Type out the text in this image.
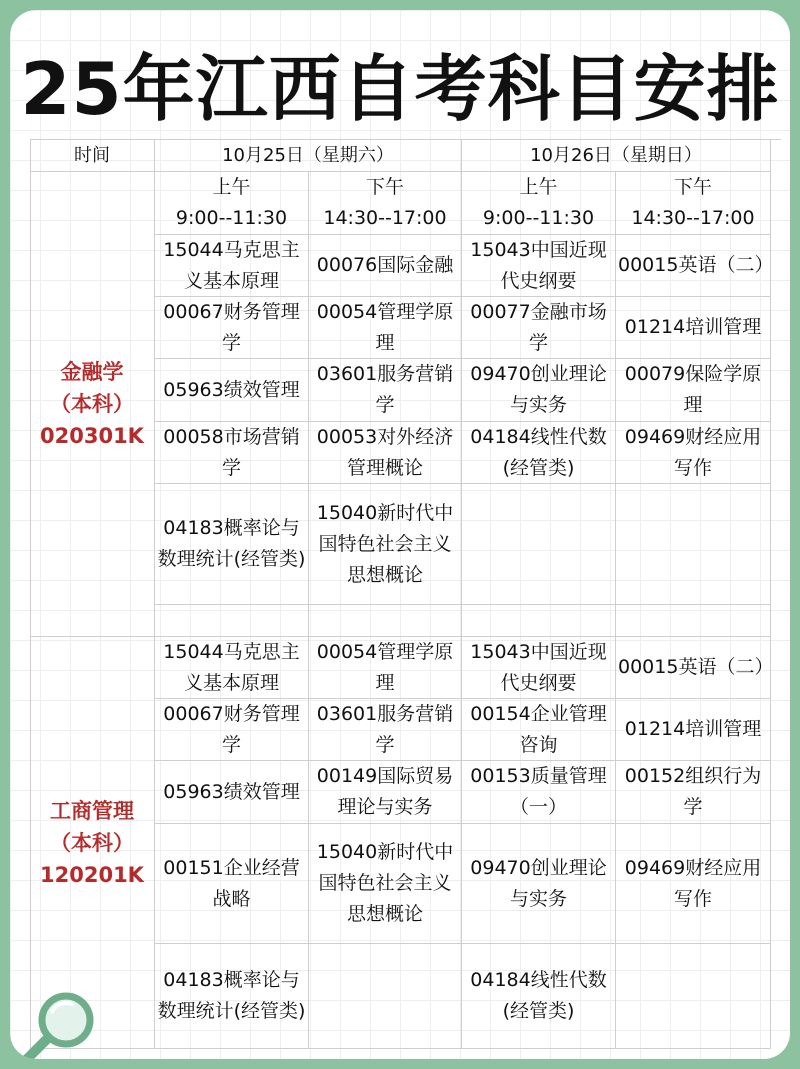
25年江西自考科目安排
时间	10月25日（星期六）	10月26日（星期日）
上午
9:00--11:30
下午
14:30--17:00
上午
9:00--11:30
下午
14:30--17:00
金融学
（本科）
020301K
15044马克思主义基本原理
00076国际金融
15043中国近现代史纲要
00015英语（二）
00067财务管理学
00054管理学原理
00077金融市场学
01214培训管理
05963绩效管理
03601服务营销学
09470创业理论与实务
00079保险学原理
00058市场营销学
00053对外经济管理概论
04184线性代数(经管类)
09469财经应用写作
04183概率论与数理统计(经管类)
15040新时代中国特色社会主义思想概论
工商管理
（本科）
120201K
15044马克思主义基本原理
00054管理学原理
15043中国近现代史纲要
00015英语（二）
00067财务管理学
03601服务营销学
00154企业管理咨询
01214培训管理
05963绩效管理
00149国际贸易理论与实务
00153质量管理（一）
00152组织行为学
00151企业经营战略
15040新时代中国特色社会主义思想概论
09470创业理论与实务
09469财经应用写作
04183概率论与数理统计(经管类)
04184线性代数(经管类)
